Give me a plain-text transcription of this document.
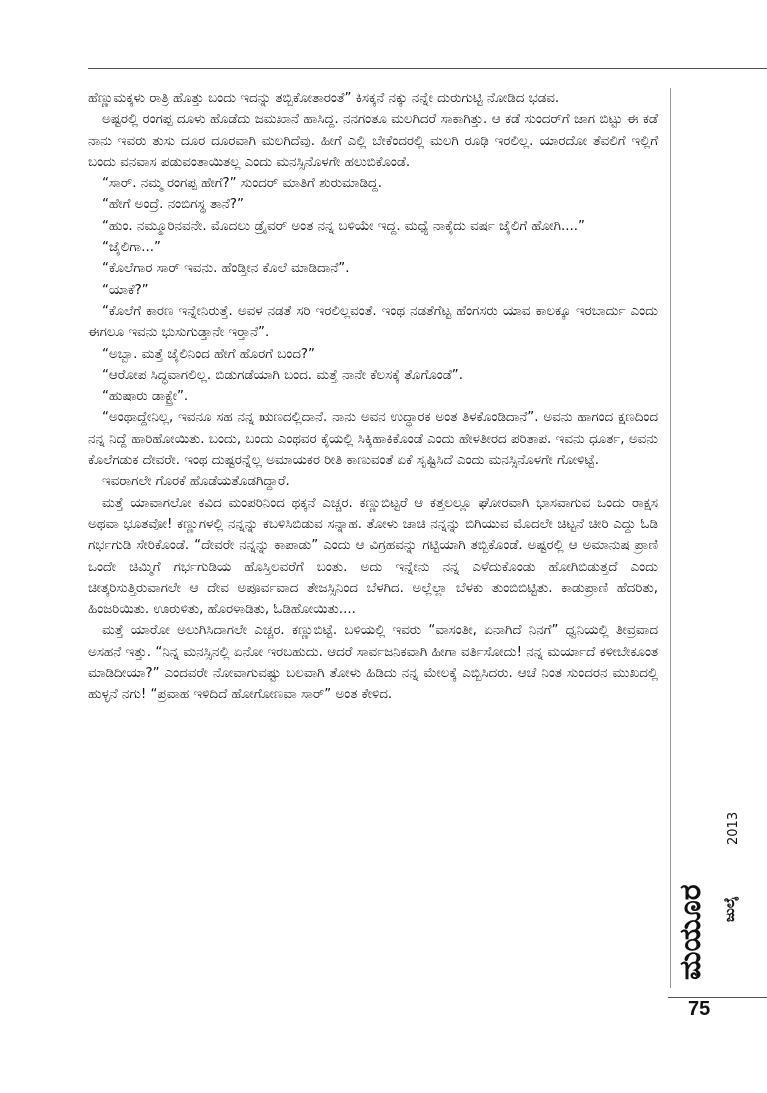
ಹೆಣ್ಣುಮಕ್ಕಳು ರಾತ್ರಿ ಹೊತ್ತು ಬಂದು ಇದನ್ನು ತಬ್ಬಿಕೋತಾರಂತೆ” ಕಿಸಕ್ಕನೆ ನಕ್ಕು ನನ್ನೇ ದುರುಗುಟ್ಟಿ ನೋಡಿದ ಭಡವ.

ಅಷ್ಟರಲ್ಲಿ ರಂಗಪ್ಪ ದೂಳು ಹೊಡೆದು ಜಮಖಾನೆ ಹಾಸಿದ್ದ. ನನಗಂತೂ ಮಲಗಿದರೆ ಸಾಕಾಗಿತ್ತು. ಆ ಕಡೆ ಸುಂದರ್‌ಗೆ ಜಾಗ ಬಿಟ್ಟು ಈ ಕಡೆ ನಾನು ಇವರು ತುಸು ದೂರ ದೂರವಾಗಿ ಮಲಗಿದೆವು. ಹೀಗೆ ಎಲ್ಲಿ ಬೇಕೆಂದರಲ್ಲಿ ಮಲಗಿ ರೂಢಿ ಇರಲಿಲ್ಲ. ಯಾರದೋ ತೆವಲಿಗೆ ಇಲ್ಲಿಗೆ ಬಂದು ವನವಾಸ ಪಡುವಂತಾಯಿತಲ್ಲ ಎಂದು ಮನಸ್ಸಿನೊಳಗೇ ಹಲುಬಿಕೊಂಡೆ.

“ಸಾರ್. ನಮ್ಮ ರಂಗಪ್ಪ ಹೇಗೆ?” ಸುಂದರ್ ಮಾತಿಗೆ ಶುರುಮಾಡಿದ್ದ.

“ಹೇಗೆ ಅಂದ್ರೆ. ನಂಬಿಗಸ್ಥ ತಾನೆ?”

“ಹುಂ. ನಮ್ಮೂರಿನವನೇ. ಮೊದಲು ಡ್ರೈವರ್ ಅಂತ ನನ್ನ ಬಳಿಯೇ ಇದ್ದ. ಮಧ್ಯೆ ನಾಕೈದು ವರ್ಷ ಜೈಲಿಗೆ ಹೋಗಿ....”

“ಜೈಲಿಗಾ...”

“ಕೊಲೆಗಾರ ಸಾರ್ ಇವನು. ಹೆಂಡ್ತೀನ ಕೊಲೆ ಮಾಡಿದಾನೆ”.

“ಯಾಕೆ?”

“ಕೊಲೆಗೆ ಕಾರಣ ಇನ್ನೇನಿರುತ್ತೆ. ಅವಳ ನಡತೆ ಸರಿ ಇರಲಿಲ್ಲವಂತೆ. ಇಂಥ ನಡತೆಗೆಟ್ಟ ಹೆಂಗಸರು ಯಾವ ಕಾಲಕ್ಕೂ ಇರಬಾರ್ದು ಎಂದು ಈಗಲೂ ಇವನು ಭುಸುಗುಡ್ತಾನೇ ಇರ್‍ತಾನೆ”.

“ಅಬ್ಬಾ. ಮತ್ತೆ ಜೈಲಿನಿಂದ ಹೇಗೆ ಹೊರಗೆ ಬಂದ?”

“ಆರೋಪ ಸಿದ್ಧವಾಗಲಿಲ್ಲ. ಬಿಡುಗಡೆಯಾಗಿ ಬಂದ. ಮತ್ತೆ ನಾನೇ ಕೆಲಸಕ್ಕೆ ತೊಗೊಂಡೆ”.

“ಹುಷಾರು ಡಾಕ್ಟ್ರೇ”.

“ಅಂಥಾದ್ದೇನಿಲ್ಲ, ಇವನೂ ಸಹ ನನ್ನ ಋಣದಲ್ಲಿದಾನೆ. ನಾನು ಅವನ ಉದ್ಧಾರಕ ಅಂತ ತಿಳಕೊಂಡಿದಾನೆ”. ಅವನು ಹಾಗಂದ ಕ್ಷಣದಿಂದ ನನ್ನ ನಿದ್ದೆ ಹಾರಿಹೋಯಿತು. ಬಂದು, ಬಂದು ಎಂಥವರ ಕೈಯಲ್ಲಿ ಸಿಕ್ಕಿಹಾಕಿಕೊಂಡೆ ಎಂದು ಹೇಳತೀರದ ಪರಿತಾಪ. ಇವನು ಧೂರ್ತ, ಅವನು ಕೊಲೆಗಡುಕ ದೇವರೇ. ಇಂಥ ದುಷ್ಟರನ್ನೆಲ್ಲ ಅಮಾಯಕರ ರೀತಿ ಕಾಣುವಂತೆ ಏಕೆ ಸೃಷ್ಟಿಸಿದೆ ಎಂದು ಮನಸ್ಸಿನೊಳಗೇ ಗೋಳಿಟ್ಟೆ.

ಇವರಾಗಲೇ ಗೊರಕೆ ಹೊಡೆಯತೊಡಗಿದ್ದಾರೆ.

ಮತ್ತೆ ಯಾವಾಗಲೋ ಕವಿದ ಮಂಪರಿನಿಂದ ಥಕ್ಕನೆ ಎಚ್ಚರ. ಕಣ್ಣುಬಿಟ್ಟರೆ ಆ ಕತ್ತಲಲ್ಲೂ ಘೋರವಾಗಿ ಭಾಸವಾಗುವ ಒಂದು ರಾಕ್ಷಸ ಅಥವಾ ಭೂತವೋ! ಕಣ್ಣುಗಳಲ್ಲಿ ನನ್ನನ್ನು ಕಬಳಿಸಿಬಿಡುವ ಸನ್ನಾಹ. ತೋಳು ಚಾಚಿ ನನ್ನನ್ನು ಬಿಗಿಯುವ ಮೊದಲೇ ಚಿಟ್ಟನೆ ಚೀರಿ ಎದ್ದು ಓಡಿ ಗರ್ಭಗುಡಿ ಸೇರಿಕೊಂಡೆ. “ದೇವರೇ ನನ್ನನ್ನು ಕಾಪಾಡು” ಎಂದು ಆ ವಿಗ್ರಹವನ್ನು ಗಟ್ಟಿಯಾಗಿ ತಬ್ಬಿಕೊಂಡೆ. ಅಷ್ಟರಲ್ಲಿ ಆ ಅಮಾನುಷ ಪ್ರಾಣಿ ಒಂದೇ ಚಿಮ್ಮಿಗೆ ಗರ್ಭಗುಡಿಯ ಹೊಸ್ತಿಲವರೆಗೆ ಬಂತು. ಅದು ಇನ್ನೇನು ನನ್ನ ಎಳೆದುಕೊಂಡು ಹೋಗಿಬಿಡುತ್ತದೆ ಎಂದು ಚೀತ್ಕರಿಸುತ್ತಿರುವಾಗಲೇ ಆ ದೇವ ಅಪೂರ್ವವಾದ ತೇಜಸ್ಸಿನಿಂದ ಬೆಳಗಿದ. ಅಲ್ಲೆಲ್ಲಾ ಬೆಳಕು ತುಂಬಿಬಿಟ್ಟಿತು. ಕಾಡುಪ್ರಾಣಿ ಹೆದರಿತು, ಹಿಂಜರಿಯಿತು. ಊರುಳಿತು, ಹೊರಳಾಡಿತು, ಓಡಿಹೋಯಿತು....

ಮತ್ತೆ ಯಾರೋ ಅಲುಗಿಸಿದಾಗಲೇ ಎಚ್ಚರ. ಕಣ್ಣುಬಿಟ್ಟೆ. ಬಳಿಯಲ್ಲಿ ಇವರು “ವಾಸಂತೀ, ಏನಾಗಿದೆ ನಿನಗೆ” ಧ್ವನಿಯಲ್ಲಿ ತೀವ್ರವಾದ ಅಸಹನೆ ಇತ್ತು. “ನಿನ್ನ ಮನಸ್ಸಿನಲ್ಲಿ ಏನೋ ಇರಬಹುದು. ಆದರೆ ಸಾರ್ವಜನಿಕವಾಗಿ ಹೀಗಾ ವರ್ತಿಸೋದು! ನನ್ನ ಮರ್ಯಾದೆ ಕಳೀಬೇಕೂಂತ ಮಾಡಿದೀಯಾ?” ಎಂದವರೇ ನೋವಾಗುವಷ್ಟು ಬಲವಾಗಿ ತೋಳು ಹಿಡಿದು ನನ್ನ ಮೇಲಕ್ಕೆ ಎಬ್ಬಿಸಿದರು. ಆಚೆ ನಿಂತ ಸುಂದರನ ಮುಖದಲ್ಲಿ ಹುಳ್ಳನೆ ನಗು! “ಪ್ರವಾಹ ಇಳಿದಿದೆ ಹೋಗೋಣವಾ ಸಾರ್” ಅಂತ ಕೇಳಿದ.

ಮಯೂರ ಜುಲೈ
2013
75
